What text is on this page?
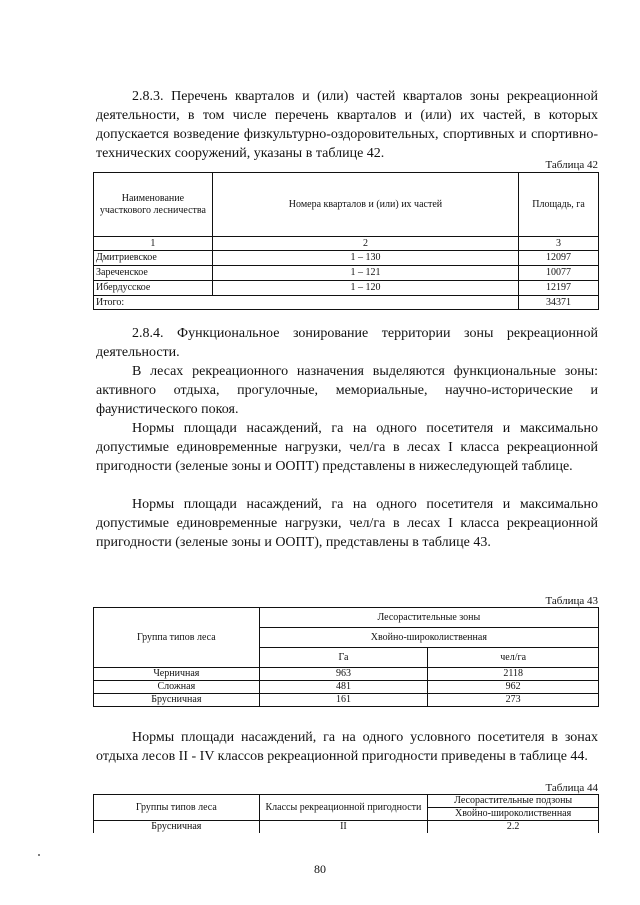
2.8.3. Перечень кварталов и (или) частей кварталов зоны рекреационной деятельности, в том числе перечень кварталов и (или) их частей, в которых допускается возведение физкультурно-оздоровительных, спортивных и спортивно-технических сооружений, указаны в таблице 42.

Таблица 42
Наименование участкового лесничества	Номера кварталов и (или) их частей	Площадь, га
1	2	3
Дмитриевское	1 – 130	12097
Зареченское	1 – 121	10077
Ибердусское	1 – 120	12197
Итого:		34371

2.8.4. Функциональное зонирование территории зоны рекреационной деятельности.

В лесах рекреационного назначения выделяются функциональные зоны: активного отдыха, прогулочные, мемориальные, научно-исторические и фаунистического покоя.

Нормы площади насаждений, га на одного посетителя и максимально допустимые единовременные нагрузки, чел/га в лесах I класса рекреационной пригодности (зеленые зоны и ООПТ) представлены в нижеследующей таблице.

Нормы площади насаждений, га на одного посетителя и максимально допустимые единовременные нагрузки, чел/га в лесах I класса рекреационной пригодности (зеленые зоны и ООПТ), представлены в таблице 43.

Таблица 43
Группа типов леса	Лесорастительные зоны	
	Хвойно-широколиственная	
	Га	чел/га
Черничная	963	2118
Сложная	481	962
Брусничная	161	273

Нормы площади насаждений, га на одного условного посетителя в зонах отдыха лесов II - IV классов рекреационной пригодности приведены в таблице 44.

Таблица 44
Группы типов леса	Классы рекреационной пригодности	Лесорастительные подзоны
		Хвойно-широколиственная
Брусничная	II	2.2
80
